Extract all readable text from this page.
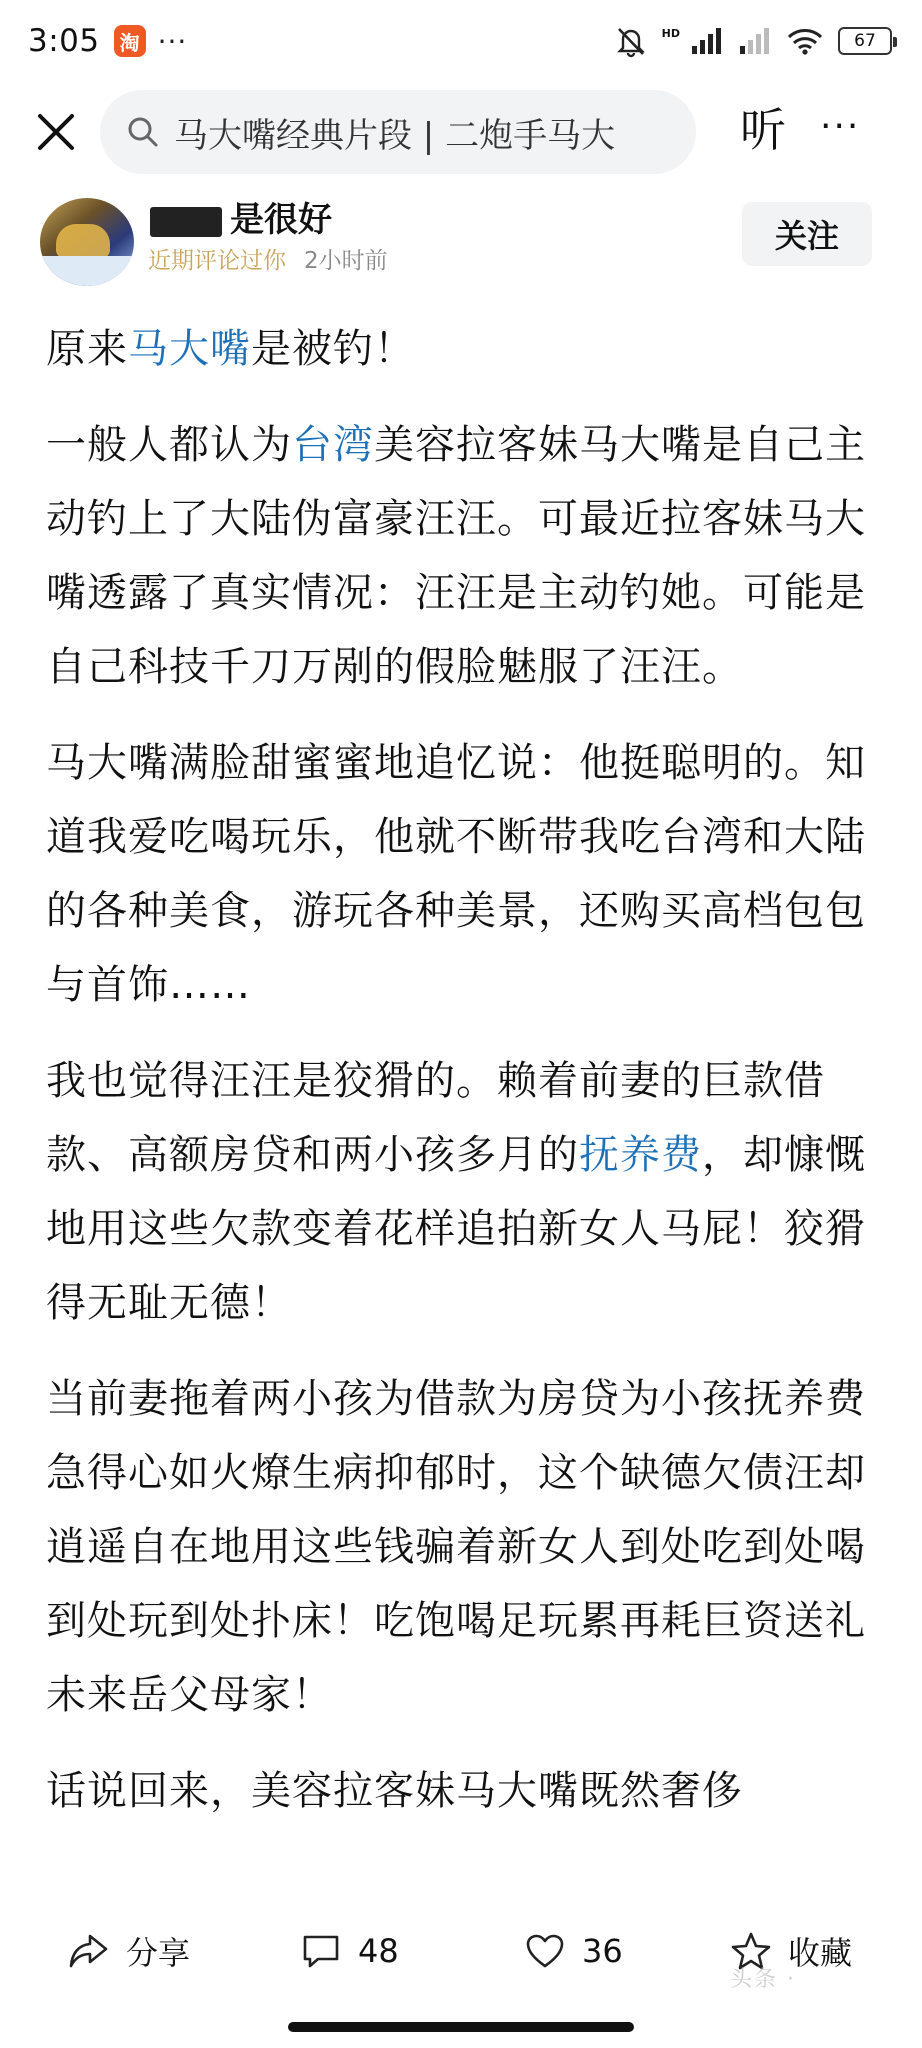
3:05	淘 ···	HD	67
马大嘴经典片段 | 二炮手马大	听 ···
是很好
近期评论过你 2小时前
关注

原来马大嘴是被钓！

一般人都认为台湾美容拉客妹马大嘴是自己主动钓上了大陆伪富豪汪汪。可最近拉客妹马大嘴透露了真实情况：汪汪是主动钓她。可能是自己科技千刀万剐的假脸魅服了汪汪。

马大嘴满脸甜蜜蜜地追忆说：他挺聪明的。知道我爱吃喝玩乐，他就不断带我吃台湾和大陆的各种美食，游玩各种美景，还购买高档包包与首饰……

我也觉得汪汪是狡猾的。赖着前妻的巨款借款、高额房贷和两小孩多月的抚养费，却慷慨地用这些欠款变着花样追拍新女人马屁！狡猾得无耻无德！

当前妻拖着两小孩为借款为房贷为小孩抚养费急得心如火燎生病抑郁时，这个缺德欠债汪却逍遥自在地用这些钱骗着新女人到处吃到处喝到处玩到处扑床！吃饱喝足玩累再耗巨资送礼未来岳父母家！

话说回来，美容拉客妹马大嘴既然奢侈

分享	48	36	收藏
头条 ·
